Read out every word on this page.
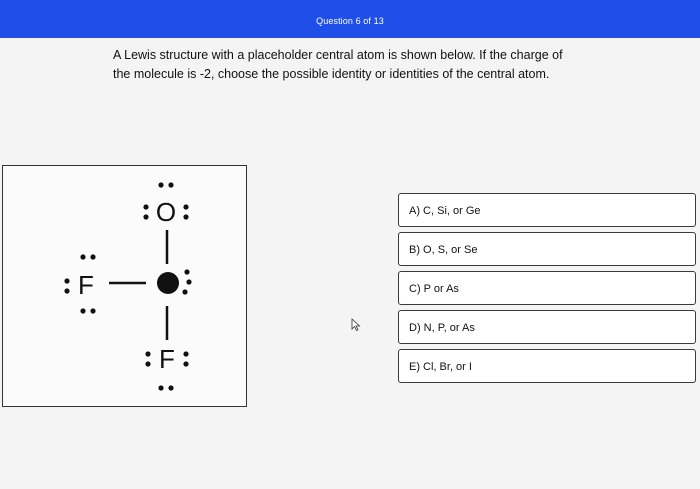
Question 6 of 13

A Lewis structure with a placeholder central atom is shown below. If the charge of

the molecule is -2, choose the possible identity or identities of the central atom.

O
F
F
A) C, Si, or Ge
B) O, S, or Se
C) P or As
D) N, P, or As
E) Cl, Br, or I
